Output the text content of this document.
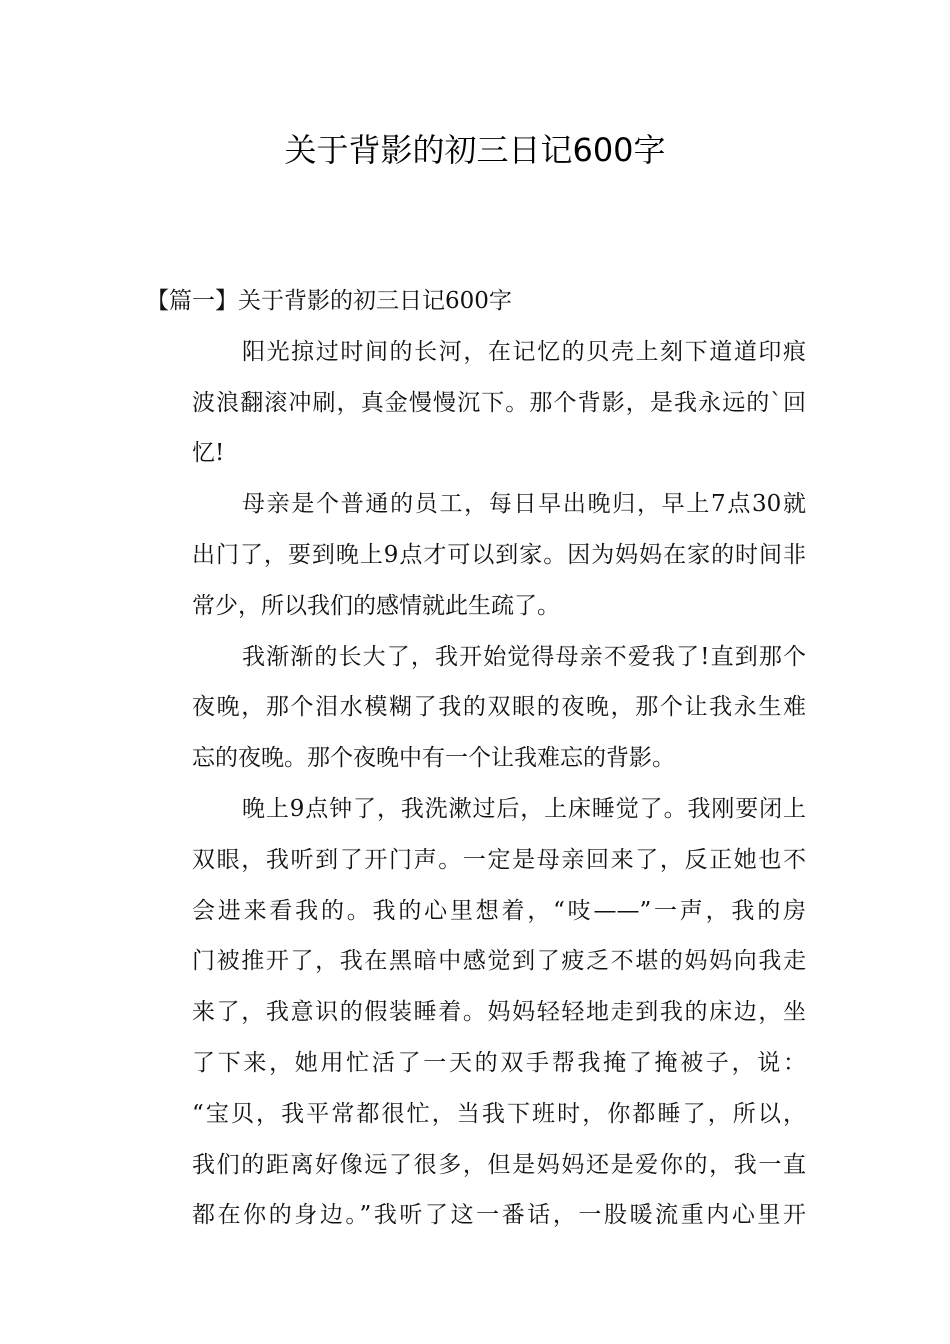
关于背影的初三日记600字
【篇一】关于背影的初三日记600字
阳光掠过时间的长河，在记忆的贝壳上刻下道道印痕
波浪翻滚冲刷，真金慢慢沉下。那个背影，是我永远的`回
忆!
母亲是个普通的员工，每日早出晚归，早上7点30就
出门了，要到晚上9点才可以到家。因为妈妈在家的时间非
常少，所以我们的感情就此生疏了。
我渐渐的长大了，我开始觉得母亲不爱我了!直到那个
夜晚，那个泪水模糊了我的双眼的夜晚，那个让我永生难
忘的夜晚。那个夜晚中有一个让我难忘的背影。
晚上9点钟了，我洗漱过后，上床睡觉了。我刚要闭上
双眼，我听到了开门声。一定是母亲回来了，反正她也不
会进来看我的。我的心里想着，“吱——”一声，我的房
门被推开了，我在黑暗中感觉到了疲乏不堪的妈妈向我走
来了，我意识的假装睡着。妈妈轻轻地走到我的床边，坐
了下来，她用忙活了一天的双手帮我掩了掩被子，说：
“宝贝，我平常都很忙，当我下班时，你都睡了，所以，
我们的距离好像远了很多，但是妈妈还是爱你的，我一直
都在你的身边。”我听了这一番话，一股暖流重内心里开
